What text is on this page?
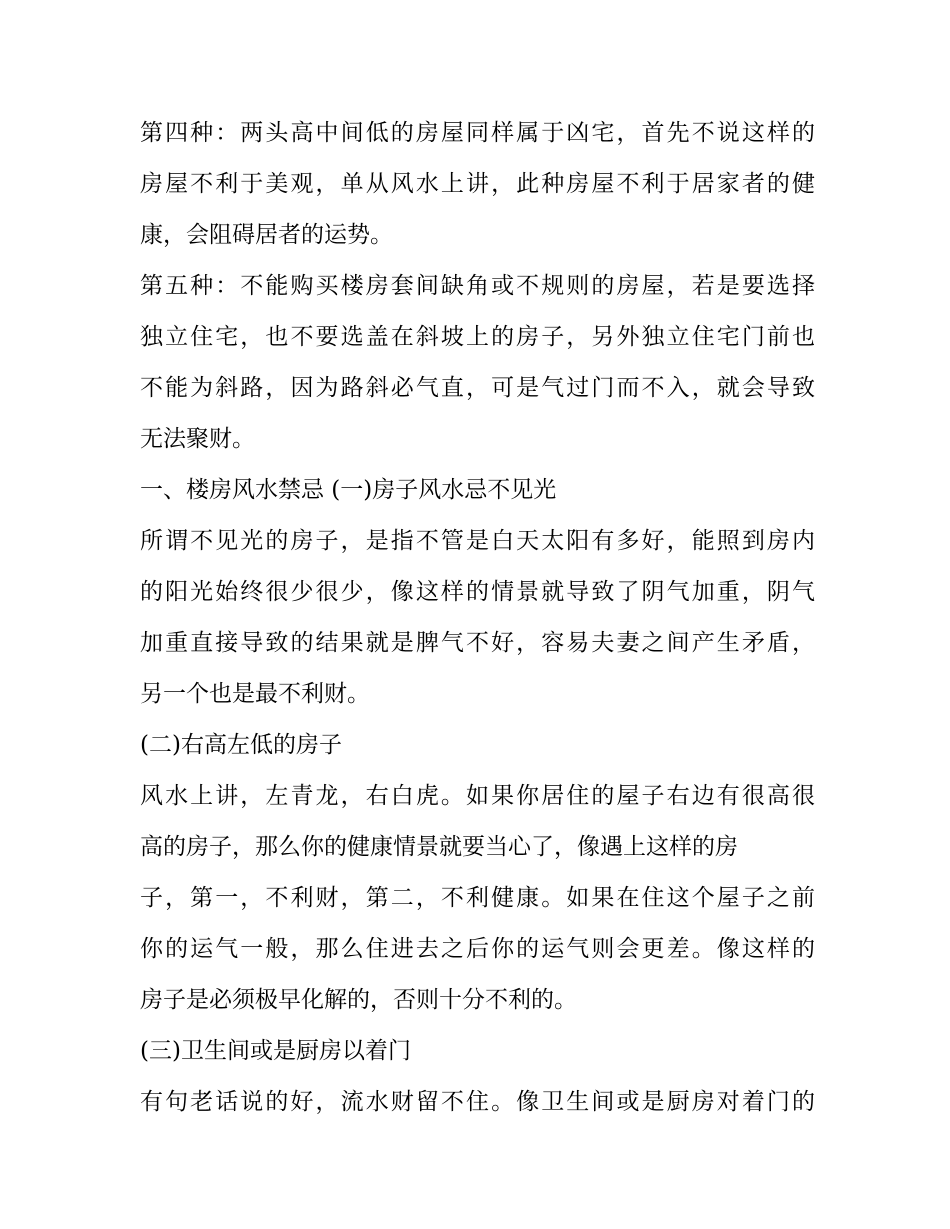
第四种：两头高中间低的房屋同样属于凶宅，首先不说这样的
房屋不利于美观，单从风水上讲，此种房屋不利于居家者的健
康，会阻碍居者的运势。
第五种：不能购买楼房套间缺角或不规则的房屋，若是要选择
独立住宅，也不要选盖在斜坡上的房子，另外独立住宅门前也
不能为斜路，因为路斜必气直，可是气过门而不入，就会导致
无法聚财。
一、楼房风水禁忌 (一)房子风水忌不见光
所谓不见光的房子，是指不管是白天太阳有多好，能照到房内
的阳光始终很少很少，像这样的情景就导致了阴气加重，阴气
加重直接导致的结果就是脾气不好，容易夫妻之间产生矛盾，
另一个也是最不利财。
(二)右高左低的房子
风水上讲，左青龙，右白虎。如果你居住的屋子右边有很高很
高的房子，那么你的健康情景就要当心了，像遇上这样的房
子，第一，不利财，第二，不利健康。如果在住这个屋子之前
你的运气一般，那么住进去之后你的运气则会更差。像这样的
房子是必须极早化解的，否则十分不利的。
(三)卫生间或是厨房以着门
有句老话说的好，流水财留不住。像卫生间或是厨房对着门的
